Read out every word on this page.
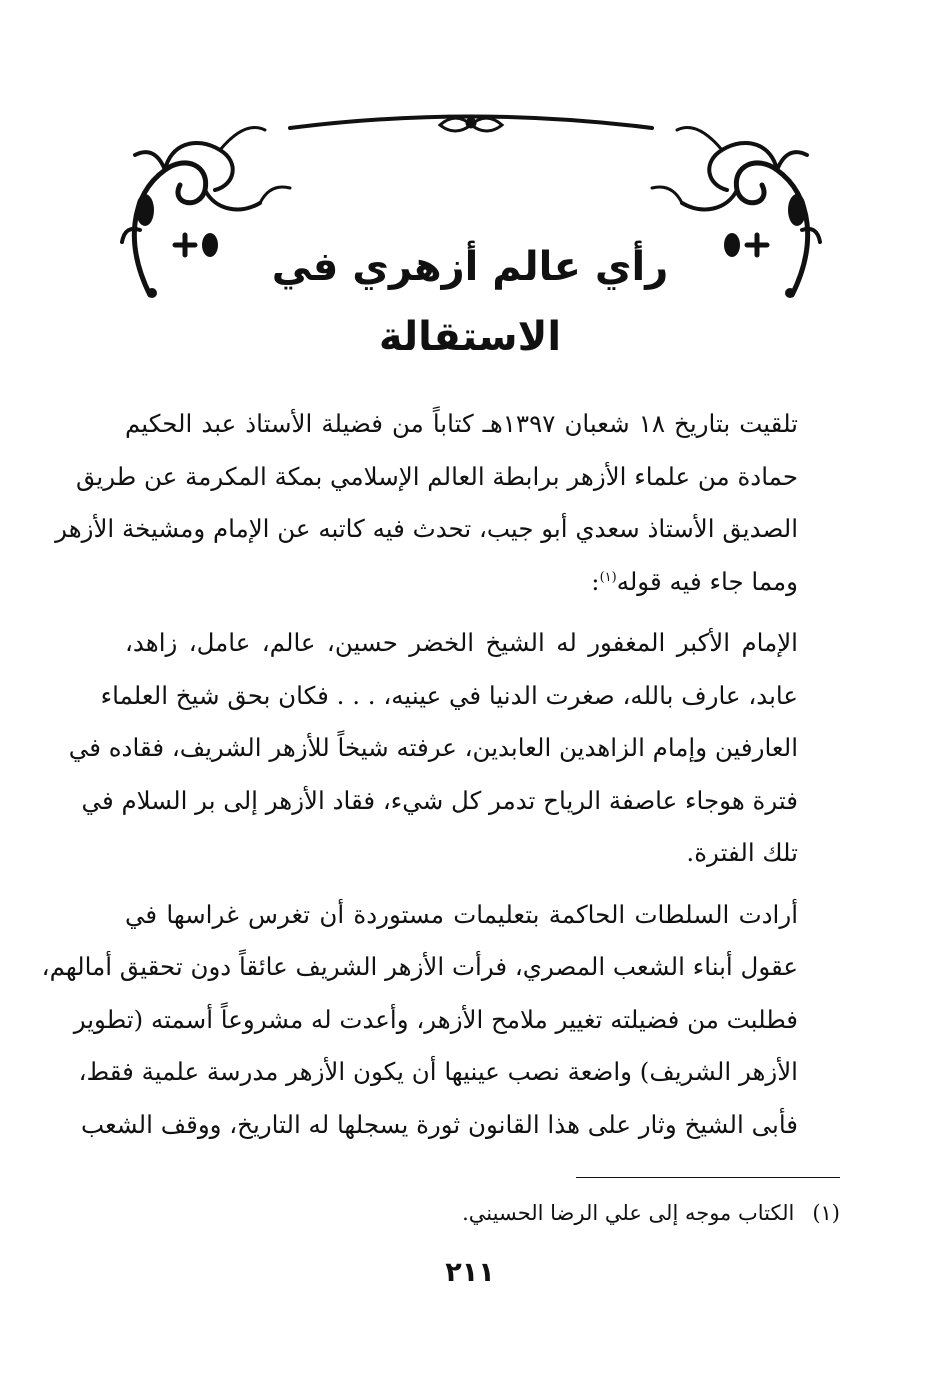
رأي عالم أزهري في الاستقالة

تلقيت بتاريخ ١٨ شعبان ١٣٩٧هـ كتاباً من فضيلة الأستاذ عبد الحكيم
حمادة من علماء الأزهر برابطة العالم الإسلامي بمكة المكرمة عن طريق
الصديق الأستاذ سعدي أبو جيب، تحدث فيه كاتبه عن الإمام ومشيخة الأزهر
ومما جاء فيه قوله$^{(١)}$:

الإمام الأكبر المغفور له الشيخ الخضر حسين، عالم، عامل، زاهد،
عابد، عارف بالله، صغرت الدنيا في عينيه، . . . فكان بحق شيخ العلماء
العارفين وإمام الزاهدين العابدين، عرفته شيخاً للأزهر الشريف، فقاده في
فترة هوجاء عاصفة الرياح تدمر كل شيء، فقاد الأزهر إلى بر السلام في
تلك الفترة.

أرادت السلطات الحاكمة بتعليمات مستوردة أن تغرس غراسها في
عقول أبناء الشعب المصري، فرأت الأزهر الشريف عائقاً دون تحقيق أمالهم،
فطلبت من فضيلته تغيير ملامح الأزهر، وأعدت له مشروعاً أسمته (تطوير
الأزهر الشريف) واضعة نصب عينيها أن يكون الأزهر مدرسة علمية فقط،
فأبى الشيخ وثار على هذا القانون ثورة يسجلها له التاريخ، ووقف الشعب

(١)الكتاب موجه إلى علي الرضا الحسيني.
٢١١
